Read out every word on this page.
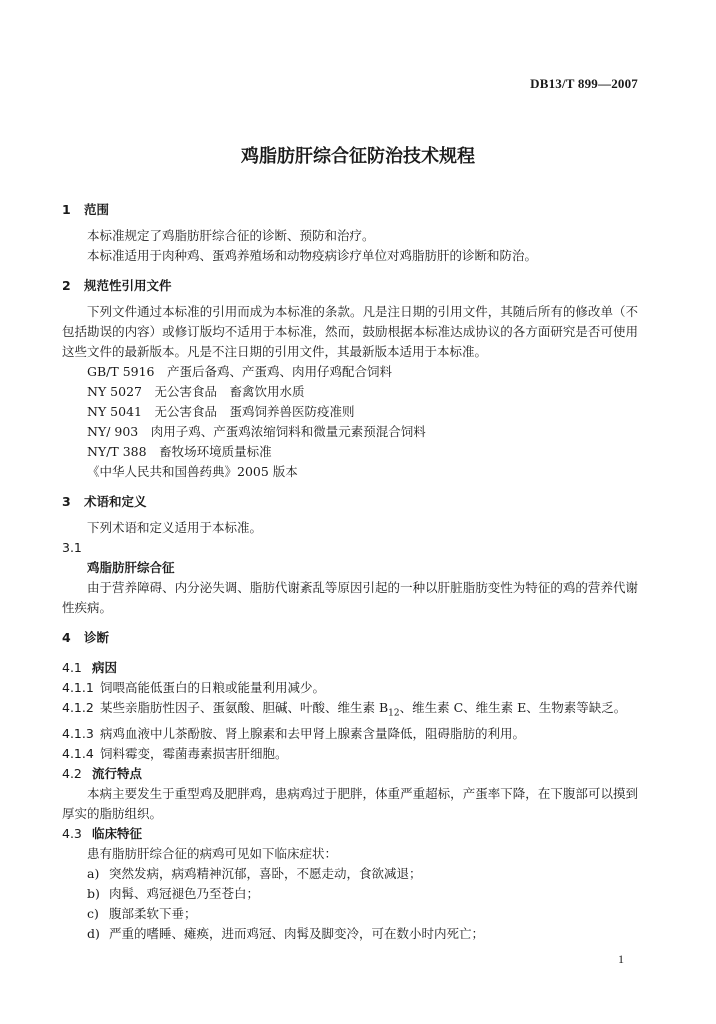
DB13/T 899—2007
鸡脂肪肝综合征防治技术规程

1 范围

本标准规定了鸡脂肪肝综合征的诊断、预防和治疗。

本标准适用于肉种鸡、蛋鸡养殖场和动物疫病诊疗单位对鸡脂肪肝的诊断和防治。

2 规范性引用文件

下列文件通过本标准的引用而成为本标准的条款。凡是注日期的引用文件，其随后所有的修改单（不包括勘误的内容）或修订版均不适用于本标准，然而，鼓励根据本标准达成协议的各方面研究是否可使用这些文件的最新版本。凡是不注日期的引用文件，其最新版本适用于本标准。

GB/T 5916　产蛋后备鸡、产蛋鸡、肉用仔鸡配合饲料

NY 5027　无公害食品　畜禽饮用水质

NY 5041　无公害食品　蛋鸡饲养兽医防疫准则

NY/ 903　肉用子鸡、产蛋鸡浓缩饲料和微量元素预混合饲料

NY/T 388　畜牧场环境质量标准

《中华人民共和国兽药典》2005 版本

3 术语和定义

下列术语和定义适用于本标准。

3.1

鸡脂肪肝综合征

由于营养障碍、内分泌失调、脂肪代谢紊乱等原因引起的一种以肝脏脂肪变性为特征的鸡的营养代谢性疾病。

4 诊断

4.1 病因

4.1.1 饲喂高能低蛋白的日粮或能量利用减少。

4.1.2 某些亲脂肪性因子、蛋氨酸、胆碱、叶酸、维生素 $B_{12}$、维生素 C、维生素 E、生物素等缺乏。

4.1.3 病鸡血液中儿茶酚胺、肾上腺素和去甲肾上腺素含量降低，阻碍脂肪的利用。

4.1.4 饲料霉变，霉菌毒素损害肝细胞。

4.2 流行特点

本病主要发生于重型鸡及肥胖鸡，患病鸡过于肥胖，体重严重超标，产蛋率下降，在下腹部可以摸到厚实的脂肪组织。

4.3 临床特征

患有脂肪肝综合征的病鸡可见如下临床症状：

a) 突然发病，病鸡精神沉郁，喜卧，不愿走动，食欲减退；

b) 肉髯、鸡冠褪色乃至苍白；

c) 腹部柔软下垂；

d) 严重的嗜睡、瘫痪，进而鸡冠、肉髯及脚变冷，可在数小时内死亡；

1
